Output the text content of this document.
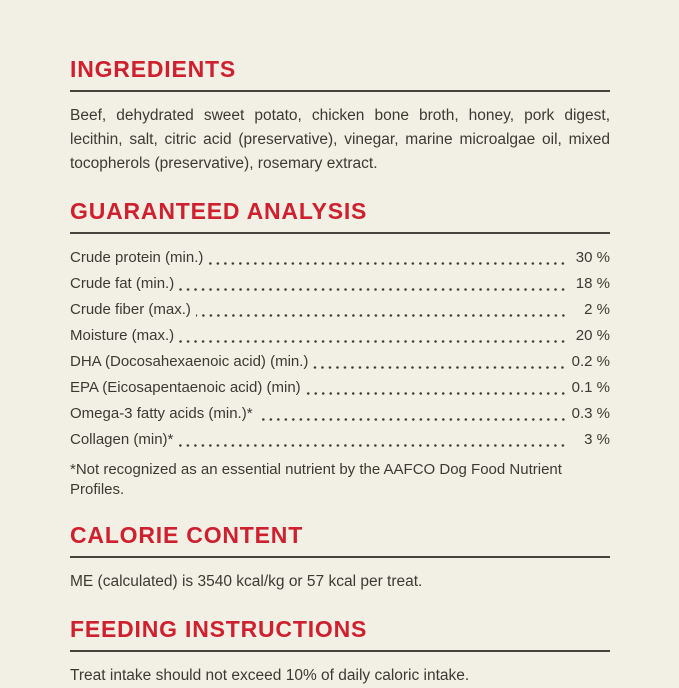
INGREDIENTS

Beef, dehydrated sweet potato, chicken bone broth, honey, pork digest, lecithin, salt, citric acid (preservative), vinegar, marine microalgae oil, mixed tocopherols (preservative), rosemary extract.

GUARANTEED ANALYSIS
Crude protein (min.)	30 %
Crude fat (min.)	18 %
Crude fiber (max.)	2 %
Moisture (max.)	20 %
DHA (Docosahexaenoic acid) (min.)	0.2 %
EPA (Eicosapentaenoic acid) (min)	0.1 %
Omega-3 fatty acids (min.)*	0.3 %
Collagen (min)*	3 %

*Not recognized as an essential nutrient by the AAFCO Dog Food Nutrient Profiles.

CALORIE CONTENT

ME (calculated) is 3540 kcal/kg or 57 kcal per treat.

FEEDING INSTRUCTIONS

Treat intake should not exceed 10% of daily caloric intake.
